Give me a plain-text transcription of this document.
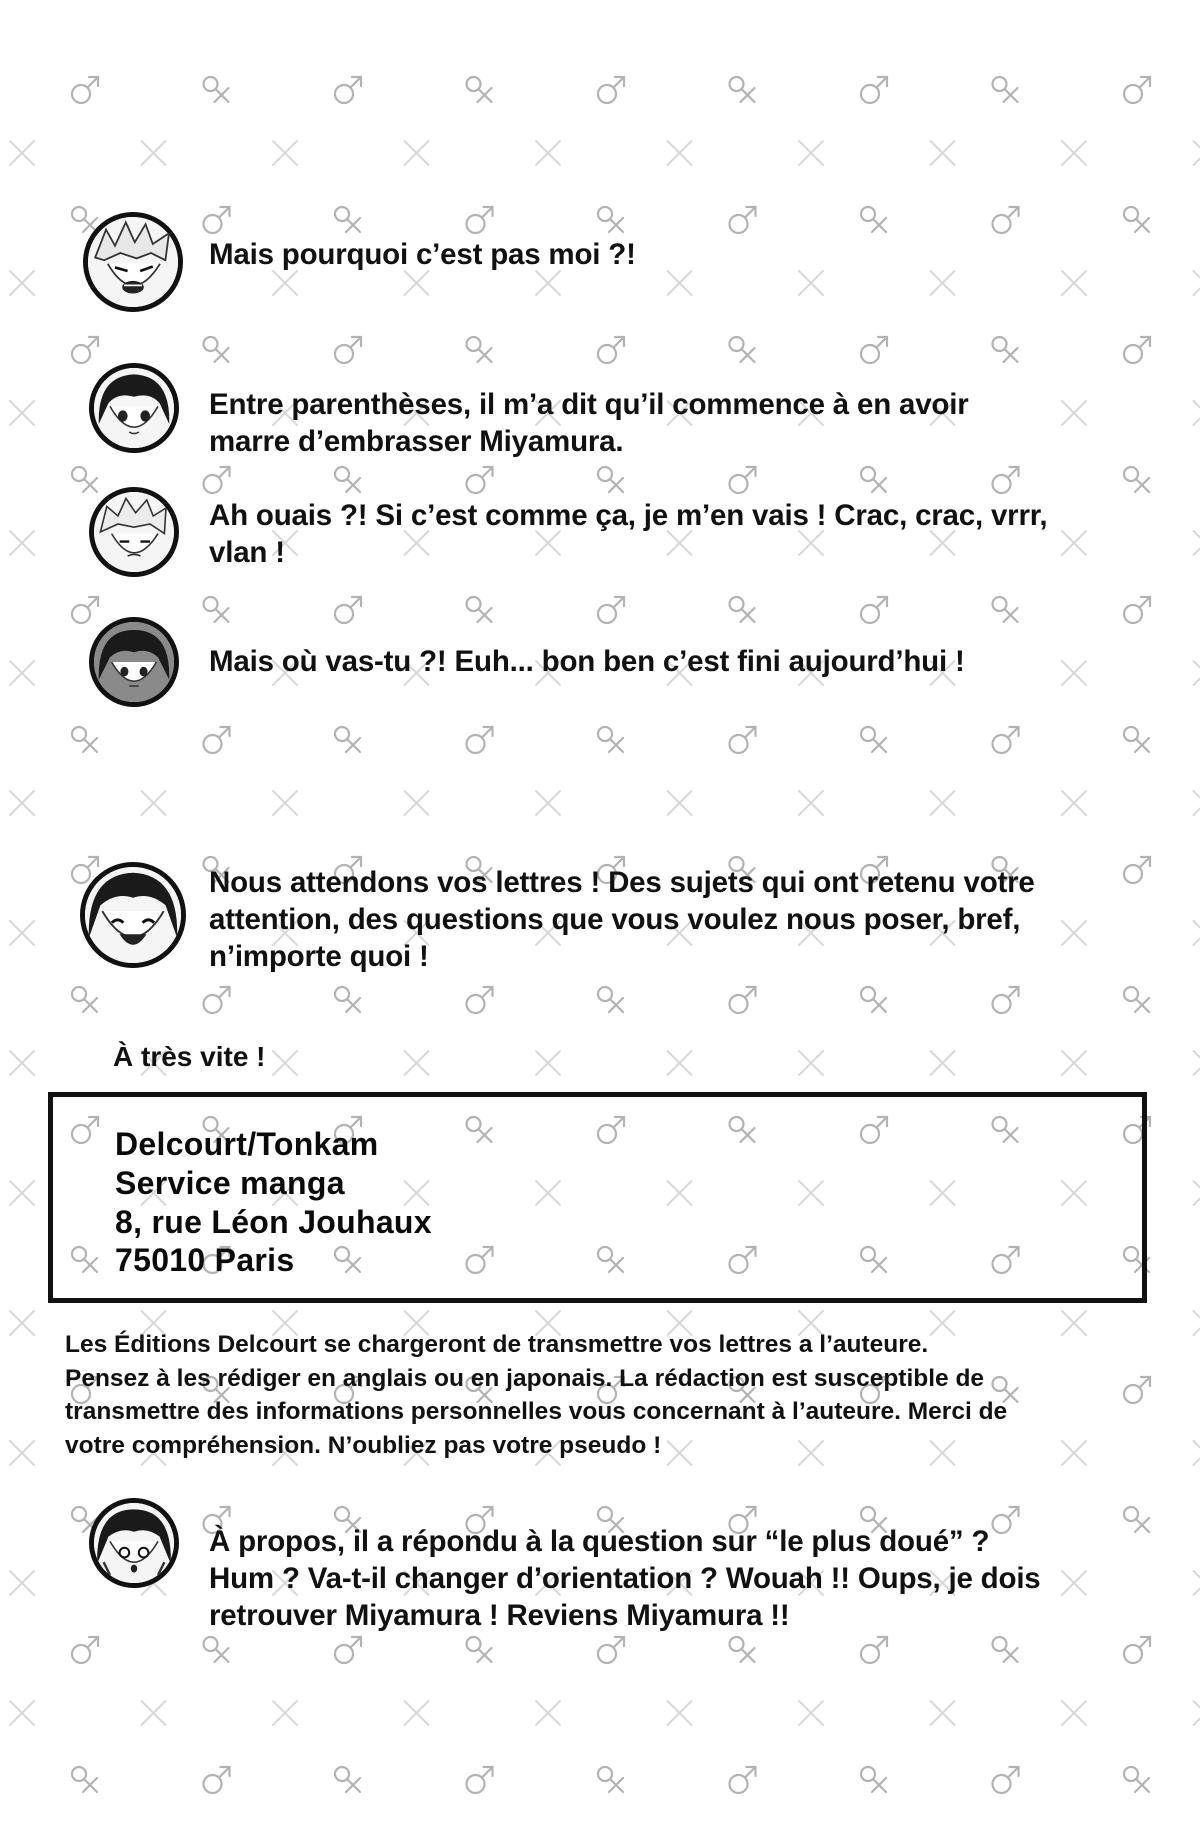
Mais pourquoi c’est pas moi ?!
Entre parenthèses, il m’a dit qu’il commence à en avoir
marre d’embrasser Miyamura.
Ah ouais ?! Si c’est comme ça, je m’en vais ! Crac, crac, vrrr,
vlan !
Mais où vas-tu ?! Euh... bon ben c’est fini aujourd’hui !
Nous attendons vos lettres ! Des sujets qui ont retenu votre
attention, des questions que vous voulez nous poser, bref,
n’importe quoi !
À très vite !
Delcourt/Tonkam
Service manga
8, rue Léon Jouhaux
75010 Paris
Les Éditions Delcourt se chargeront de transmettre vos lettres a l’auteure.
Pensez à les rédiger en anglais ou en japonais. La rédaction est susceptible de
transmettre des informations personnelles vous concernant à l’auteure. Merci de
votre compréhension. N’oubliez pas votre pseudo !
À propos, il a répondu à la question sur “le plus doué” ?
Hum ? Va-t-il changer d’orientation ? Wouah !! Oups, je dois
retrouver Miyamura ! Reviens Miyamura !!
